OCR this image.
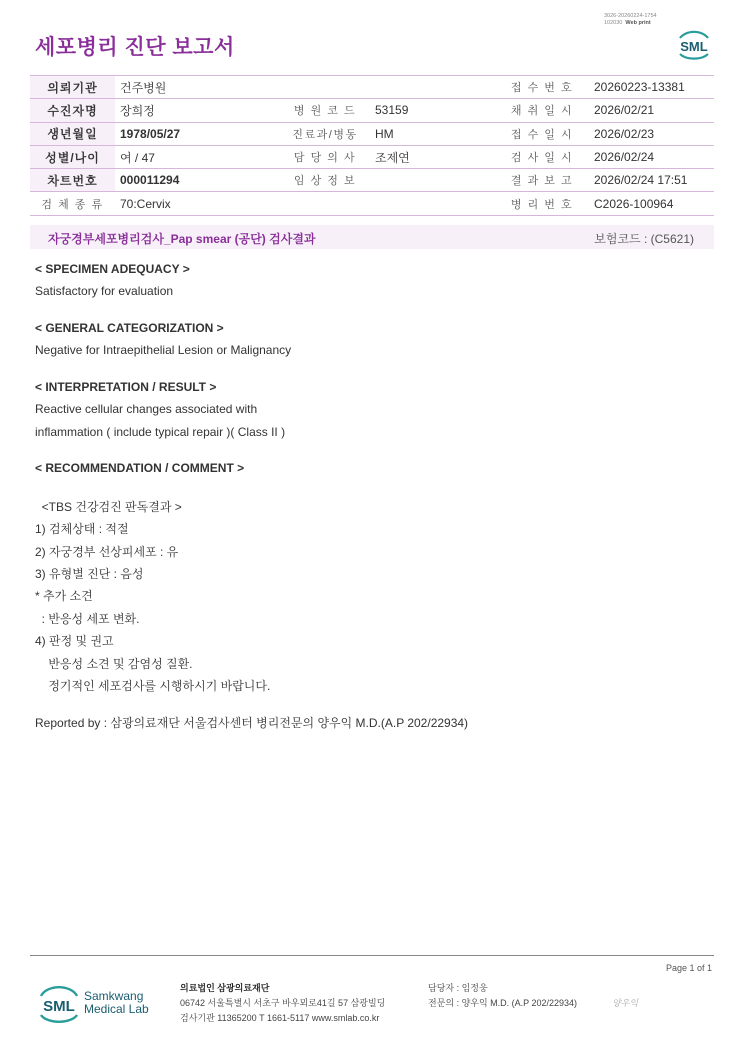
3026-20260224-1754
102030 Web print
세포병리 진단 보고서	SML
의뢰기관	건주병원			접 수 번 호	20260223-13381
수진자명	장희정	병 원 코 드	53159	채 취 일 시	2026/02/21
생년월일	1978/05/27	진료과/병동	HM	접 수 일 시	2026/02/23
성별/나이	여 / 47	담 당 의 사	조제연	검 사 일 시	2026/02/24
차트번호	000011294	임 상 정 보		결 과 보 고	2026/02/24 17:51
검 체 종 류	70:Cervix			병 리 번 호	C2026-100964
자궁경부세포병리검사_Pap smear (공단) 검사결과	보험코드 : (C5621)
< SPECIMEN ADEQUACY >
Satisfactory for evaluation
< GENERAL CATEGORIZATION >
Negative for Intraepithelial Lesion or Malignancy
< INTERPRETATION / RESULT >
Reactive cellular changes associated with
inflammation ( include typical repair )( Class II )
< RECOMMENDATION / COMMENT >
<TBS 건강검진 판독결과 >
1) 검체상태 : 적절
2) 자궁경부 선상피세포 : 유
3) 유형별 진단 : 음성
* 추가 소견
: 반응성 세포 변화.
4) 판정 및 권고
반응성 소견 및 감염성 질환.
정기적인 세포검사를 시행하시기 바랍니다.
Reported by : 삼광의료재단 서울검사센터 병리전문의 양우익 M.D.(A.P 202/22934)
Page 1 of 1
SML
Samkwang
Medical Lab
의료법인 삼광의료재단
06742 서울특별시 서초구 바우뫼로41길 57 삼광빌딩
검사기관 11365200 T 1661-5117 www.smlab.co.kr
담당자 : 임정웅
전문의 : 양우익 M.D. (A.P 202/22934)	양우익
